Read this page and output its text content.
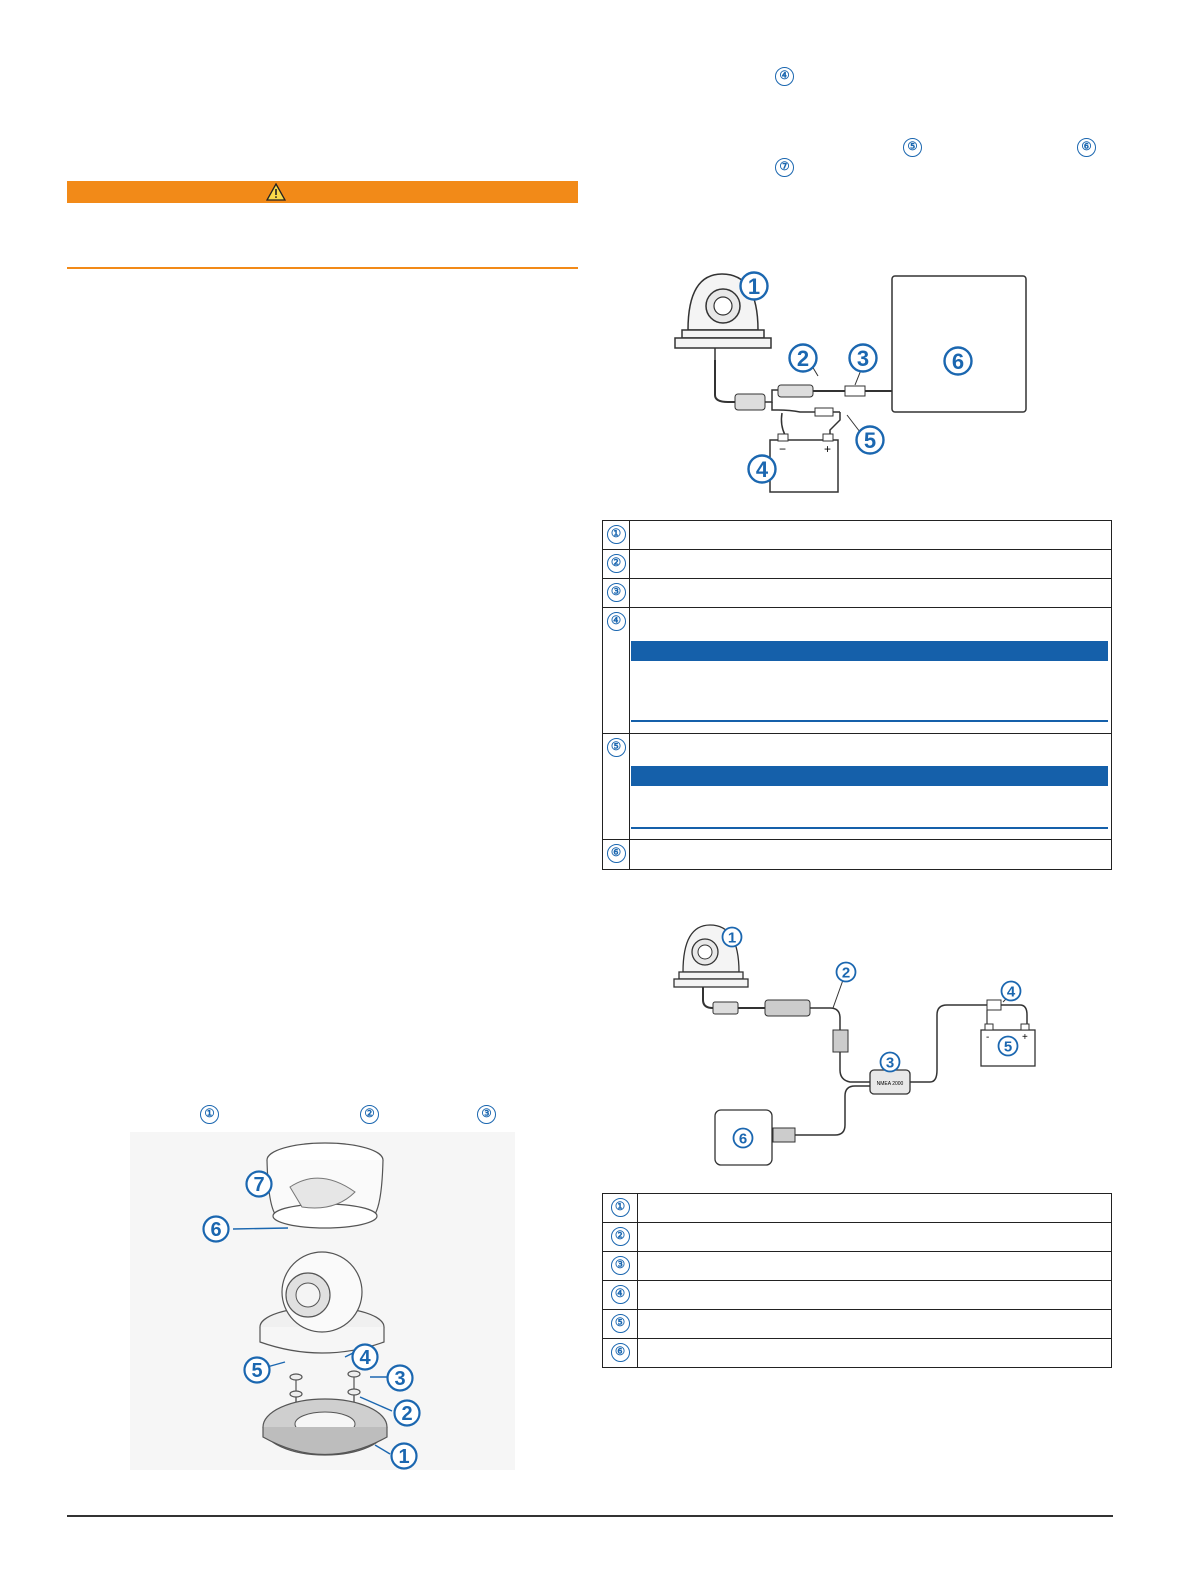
④
⑤	⑥
⑦
−	+
1
2 3
4
5
6
①	
②	
③	
④	
⑤	
⑥	
NMEA 2000
-	+
1
2
3
4
5
6
①	
②	
③	
④	
⑤	
⑥	
①	②	③
7
6
5
4
3
2
1
